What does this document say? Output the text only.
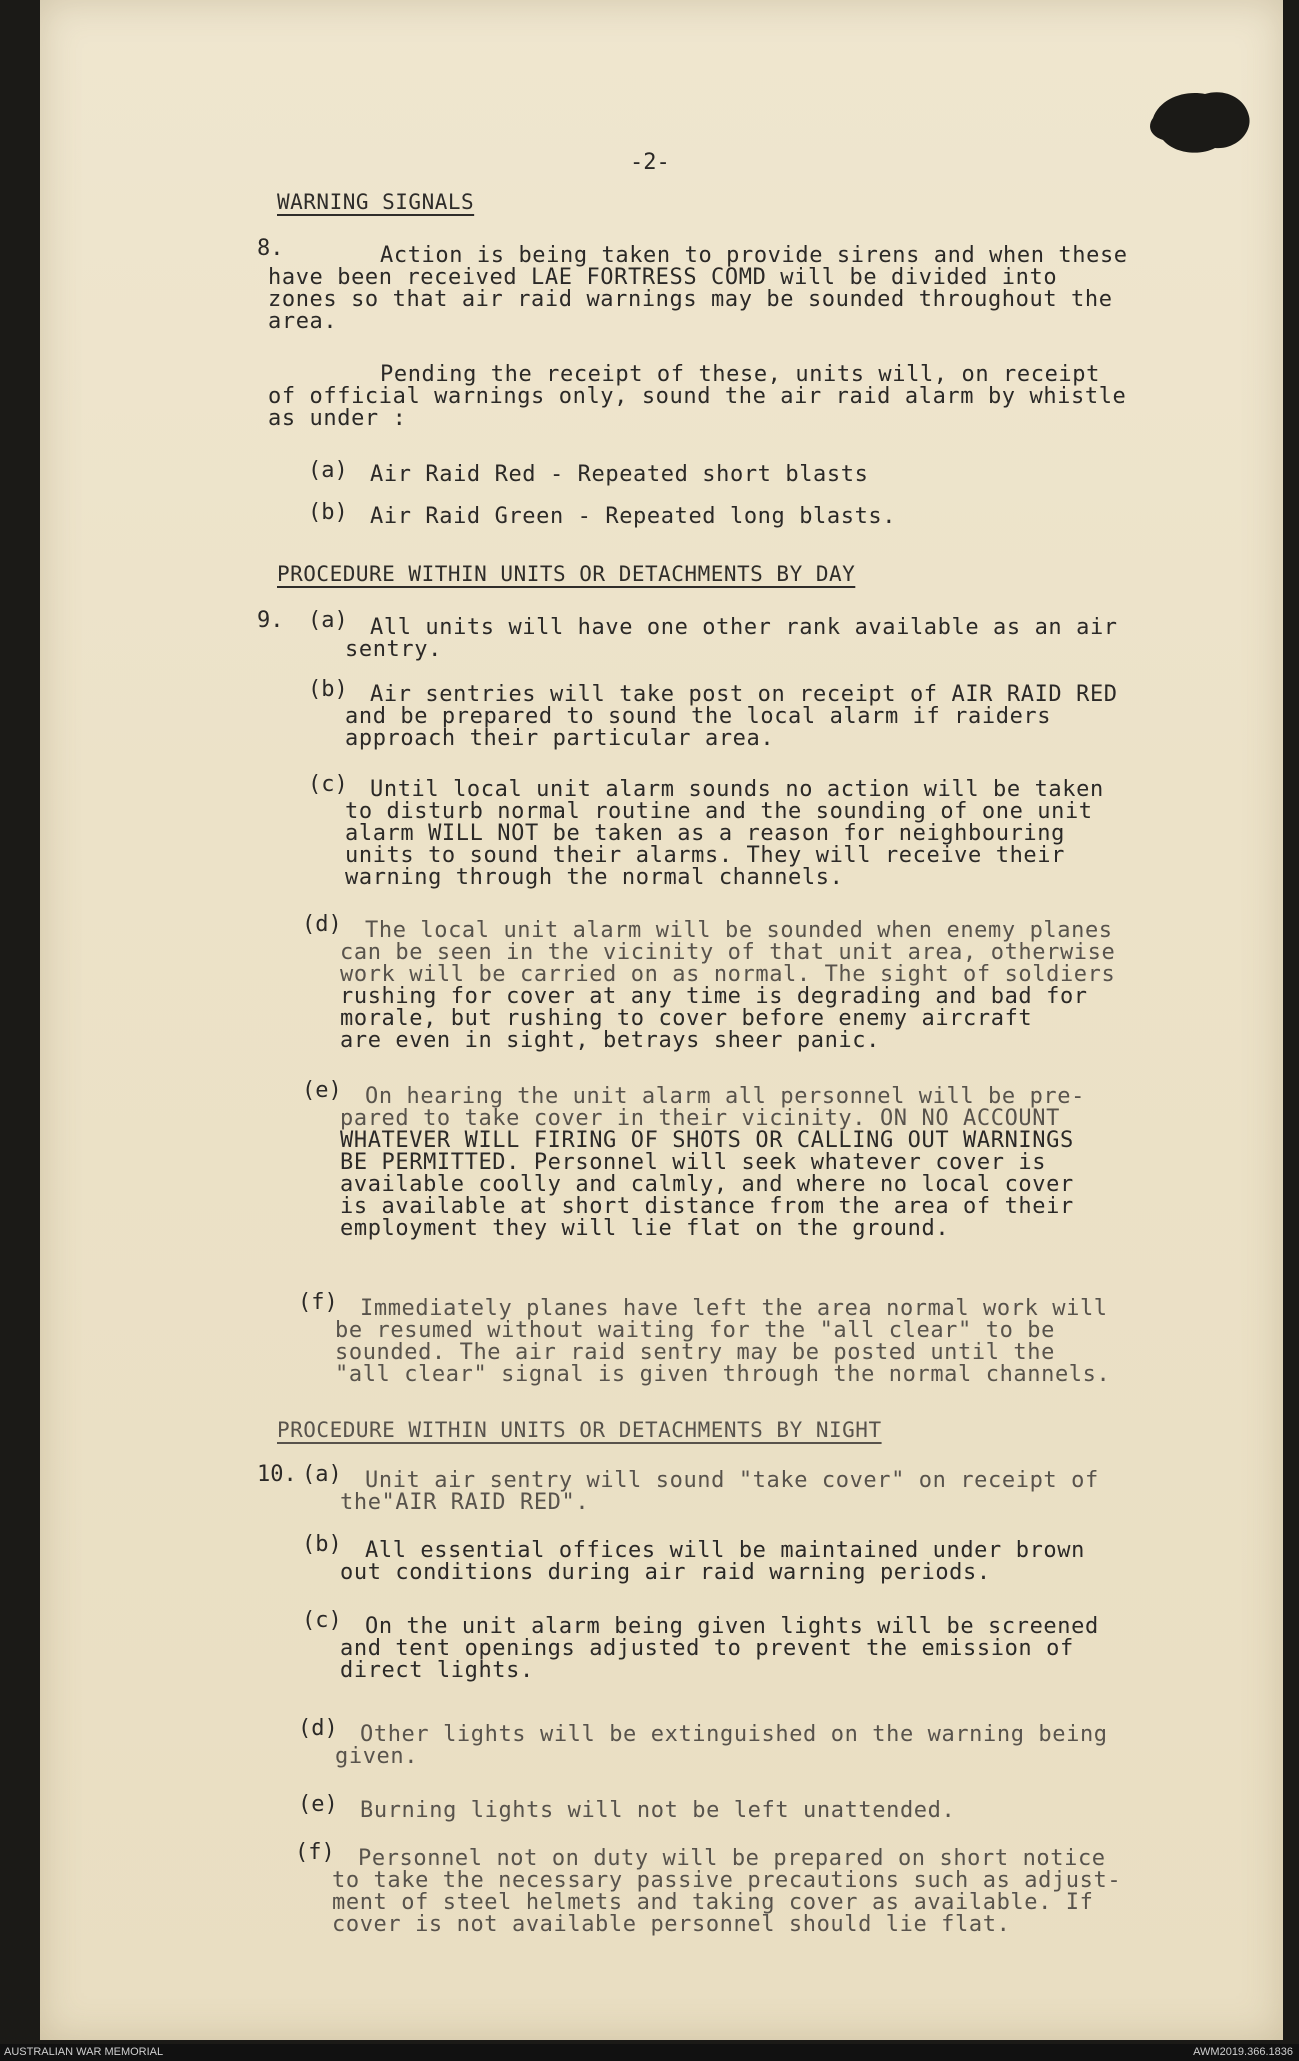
-2-
WARNING SIGNALS
8.	Action is being taken to provide sirens and when these
have been received LAE FORTRESS COMD will be divided into
zones so that air raid warnings may be sounded throughout the
area.
Pending the receipt of these, units will, on receipt
of official warnings only, sound the air raid alarm by whistle
as under :
(a) Air Raid Red - Repeated short blasts
(b) Air Raid Green - Repeated long blasts.
PROCEDURE WITHIN UNITS OR DETACHMENTS BY DAY
9. (a) All units will have one other rank available as an air
sentry.
(b) Air sentries will take post on receipt of AIR RAID RED
and be prepared to sound the local alarm if raiders
approach their particular area.
(c) Until local unit alarm sounds no action will be taken
to disturb normal routine and the sounding of one unit
alarm WILL NOT be taken as a reason for neighbouring
units to sound their alarms. They will receive their
warning through the normal channels.
(d) The local unit alarm will be sounded when enemy planes
can be seen in the vicinity of that unit area, otherwise
work will be carried on as normal. The sight of soldiers
rushing for cover at any time is degrading and bad for
morale, but rushing to cover before enemy aircraft
are even in sight, betrays sheer panic.
(e) On hearing the unit alarm all personnel will be pre-
pared to take cover in their vicinity. ON NO ACCOUNT
WHATEVER WILL FIRING OF SHOTS OR CALLING OUT WARNINGS
BE PERMITTED. Personnel will seek whatever cover is
available coolly and calmly, and where no local cover
is available at short distance from the area of their
employment they will lie flat on the ground.
(f) Immediately planes have left the area normal work will
be resumed without waiting for the "all clear" to be
sounded. The air raid sentry may be posted until the
"all clear" signal is given through the normal channels.
PROCEDURE WITHIN UNITS OR DETACHMENTS BY NIGHT
10. (a) Unit air sentry will sound "take cover" on receipt of
the"AIR RAID RED".
(b) All essential offices will be maintained under brown
out conditions during air raid warning periods.
(c) On the unit alarm being given lights will be screened
and tent openings adjusted to prevent the emission of
direct lights.
(d) Other lights will be extinguished on the warning being
given.
(e) Burning lights will not be left unattended.
(f) Personnel not on duty will be prepared on short notice
to take the necessary passive precautions such as adjust-
ment of steel helmets and taking cover as available. If
cover is not available personnel should lie flat.
AUSTRALIAN WAR MEMORIAL	AWM2019.366.1836
